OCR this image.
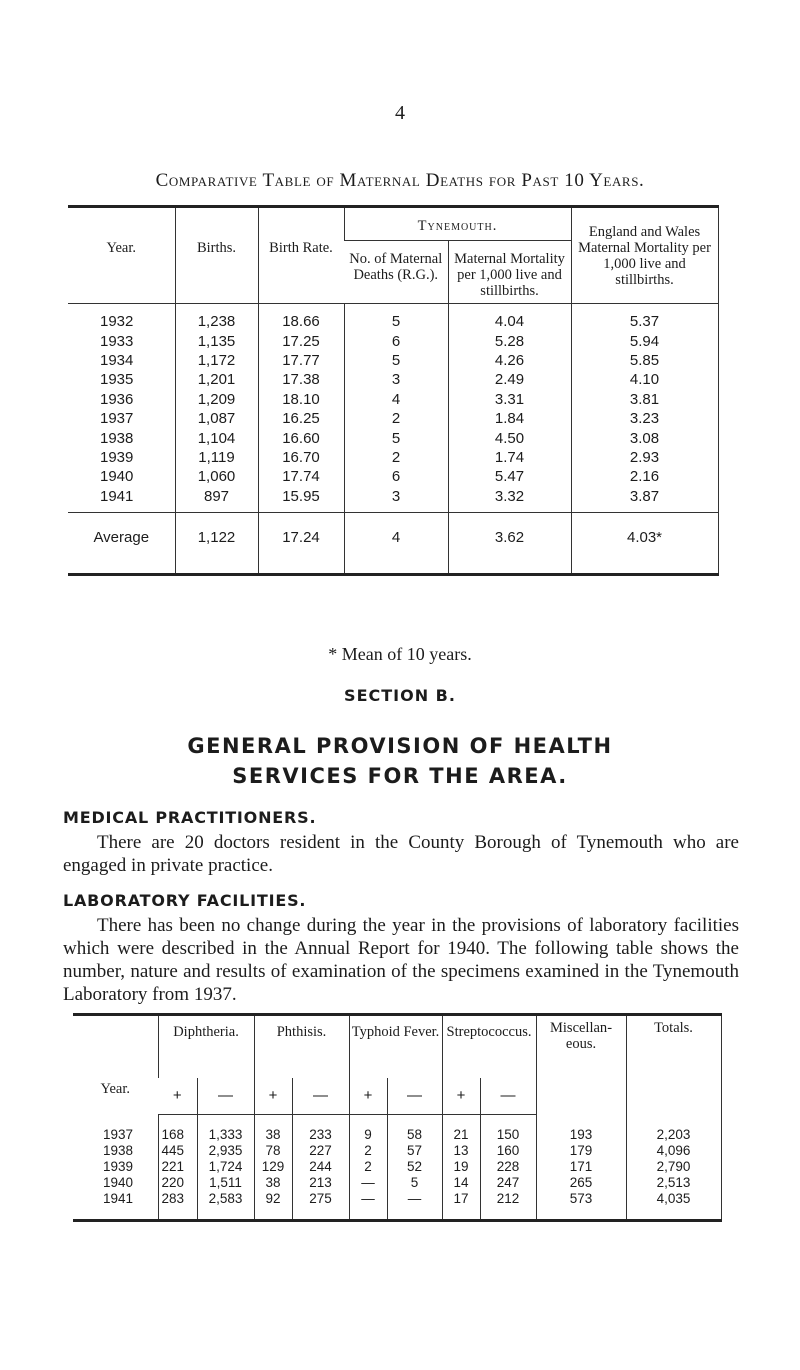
4
Comparative Table of Maternal Deaths for Past 10 Years.
Year.	Births.	Birth Rate.	Tynemouth.		England and Wales Maternal Mortality per 1,000 live and stillbirths.
			No. of Maternal Deaths (R.G.).	Maternal Mortality per 1,000 live and stillbirths.	
1932	1,238	18.66	5	4.04	5.37
1933	1,135	17.25	6	5.28	5.94
1934	1,172	17.77	5	4.26	5.85
1935	1,201	17.38	3	2.49	4.10
1936	1,209	18.10	4	3.31	3.81
1937	1,087	16.25	2	1.84	3.23
1938	1,104	16.60	5	4.50	3.08
1939	1,119	16.70	2	1.74	2.93
1940	1,060	17.74	6	5.47	2.16
1941	897	15.95	3	3.32	3.87
Average	1,122	17.24	4	3.62	4.03*
* Mean of 10 years.
SECTION B.
GENERAL PROVISION OF HEALTH
SERVICES FOR THE AREA.
MEDICAL PRACTITIONERS.
There are 20 doctors resident in the County Borough of Tynemouth who are engaged in private practice.
LABORATORY FACILITIES.
There has been no change during the year in the provisions of laboratory facilities which were described in the Annual Report for 1940. The following table shows the number, nature and results of examination of the specimens examined in the Tynemouth Laboratory from 1937.
Year.	Diphtheria.		Phthisis.		Typhoid Fever.		Streptococcus.		Miscellaneous.	Totals.
	+	—	+	—	+	—	+	—		
1937	168	1,333	38	233	9	58	21	150	193	2,203
1938	445	2,935	78	227	2	57	13	160	179	4,096
1939	221	1,724	129	244	2	52	19	228	171	2,790
1940	220	1,511	38	213	—	5	14	247	265	2,513
1941	283	2,583	92	275	—	—	17	212	573	4,035
